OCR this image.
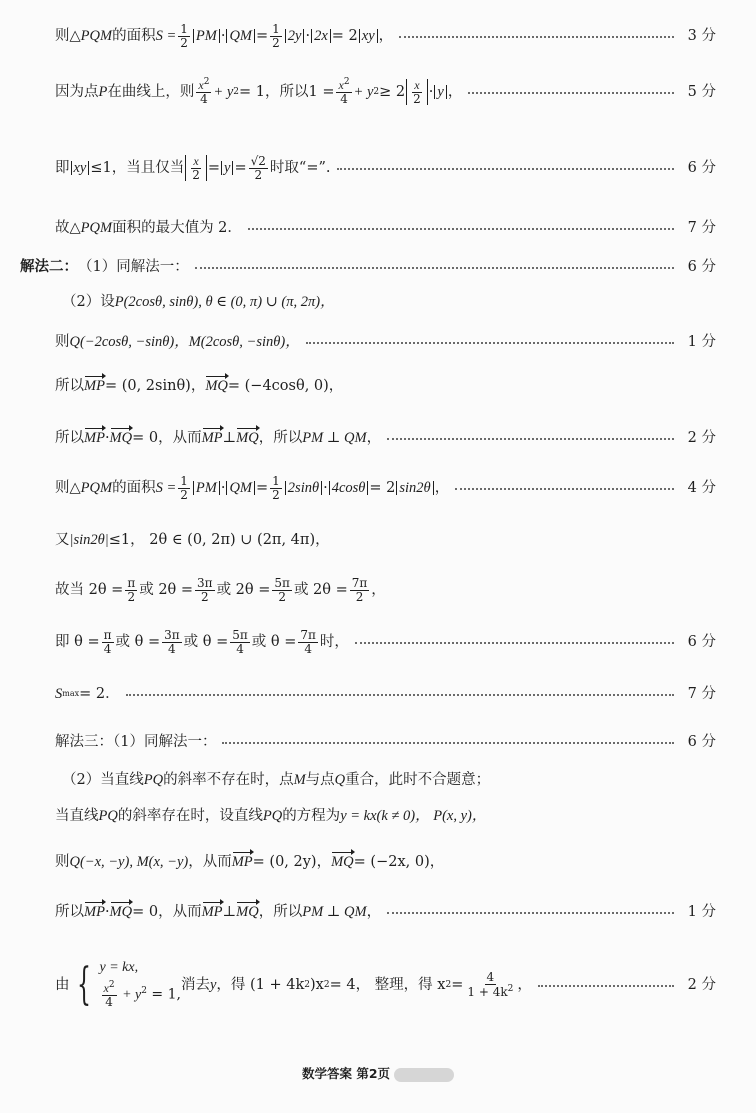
则△ PQM 的面积 $S = \frac{1}{2}$ PM · QM = $\frac{1}{2} 2y \cdot 2x = 2$ xy ，	3 分
因为点 P 在曲线上，则 $\frac{x^2}{4} + y$ 2 = 1 ，所以 $1 = \frac{x^2}{4} + y$ $2 \ge 2 \frac{x}{2} \cdot y$ ，	5 分
即 xy ≤1，当且仅当 $\frac{x}{2} = y = \frac{√2}{2}$ 时取“=”.	6 分
故△ PQM 面积的最大值为 2．	7 分
解法二： （1）同解法一：	6 分
（2）设 P(2cosθ, sinθ), θ ∈ (0, π) ∪ (π, 2π)，
则 Q(−2cosθ, −sinθ)，M(2cosθ, −sinθ)，	1 分
所以 MP = (0, 2sinθ)， MQ = (−4cosθ, 0)，
所以 MP · MQ = 0，从而 MP ⊥ MQ ，所以 PM ⊥ QM ，	2 分
则△ PQM 的面积 $S = \frac{1}{2}$ PM · QM = $\frac{1}{2} 2\sin\theta \cdot 4\cos\theta = 2$ sin2θ ，	4 分
又 |sin2θ| ≤1， 2θ ∈ (0, 2π) ∪ (2π, 4π)，
故当 $2\theta = \frac{\pi}{2}$ 或 $2\theta = \frac{3\pi}{2}$ 或 $2\theta = \frac{5\pi}{2}$ 或 $2\theta = \frac{7\pi}{2}$ ，
即 $\theta = \frac{\pi}{4}$ 或 $\theta = \frac{3\pi}{4}$ 或 $\theta = \frac{5\pi}{4}$ 或 $\theta = \frac{7\pi}{4}$ 时，	6 分
S max = 2．	7 分
解法三：（1）同解法一：	6 分
（2）当直线 PQ 的斜率不存在时，点 M 与点 Q 重合，此时不合题意；
当直线 PQ 的斜率存在时，设直线 PQ 的方程为 y = kx(k ≠ 0)， P(x, y)，
则 Q(−x, −y), M(x, −y) ，从而 MP = (0, 2y)， MQ = (−2x, 0)，
所以 MP · MQ = 0，从而 MP ⊥ MQ ，所以 PM ⊥ QM ，	1 分
由 { y = kx,
$\frac{x^2}{4} + y^2 = 1$,
消去 y ，得 (1 + 4k 2 )x 2 = 4， 整理，得 x $2 = \frac{4}{1 + 4k^2}$ ，	2 分
数学答案 第2页
